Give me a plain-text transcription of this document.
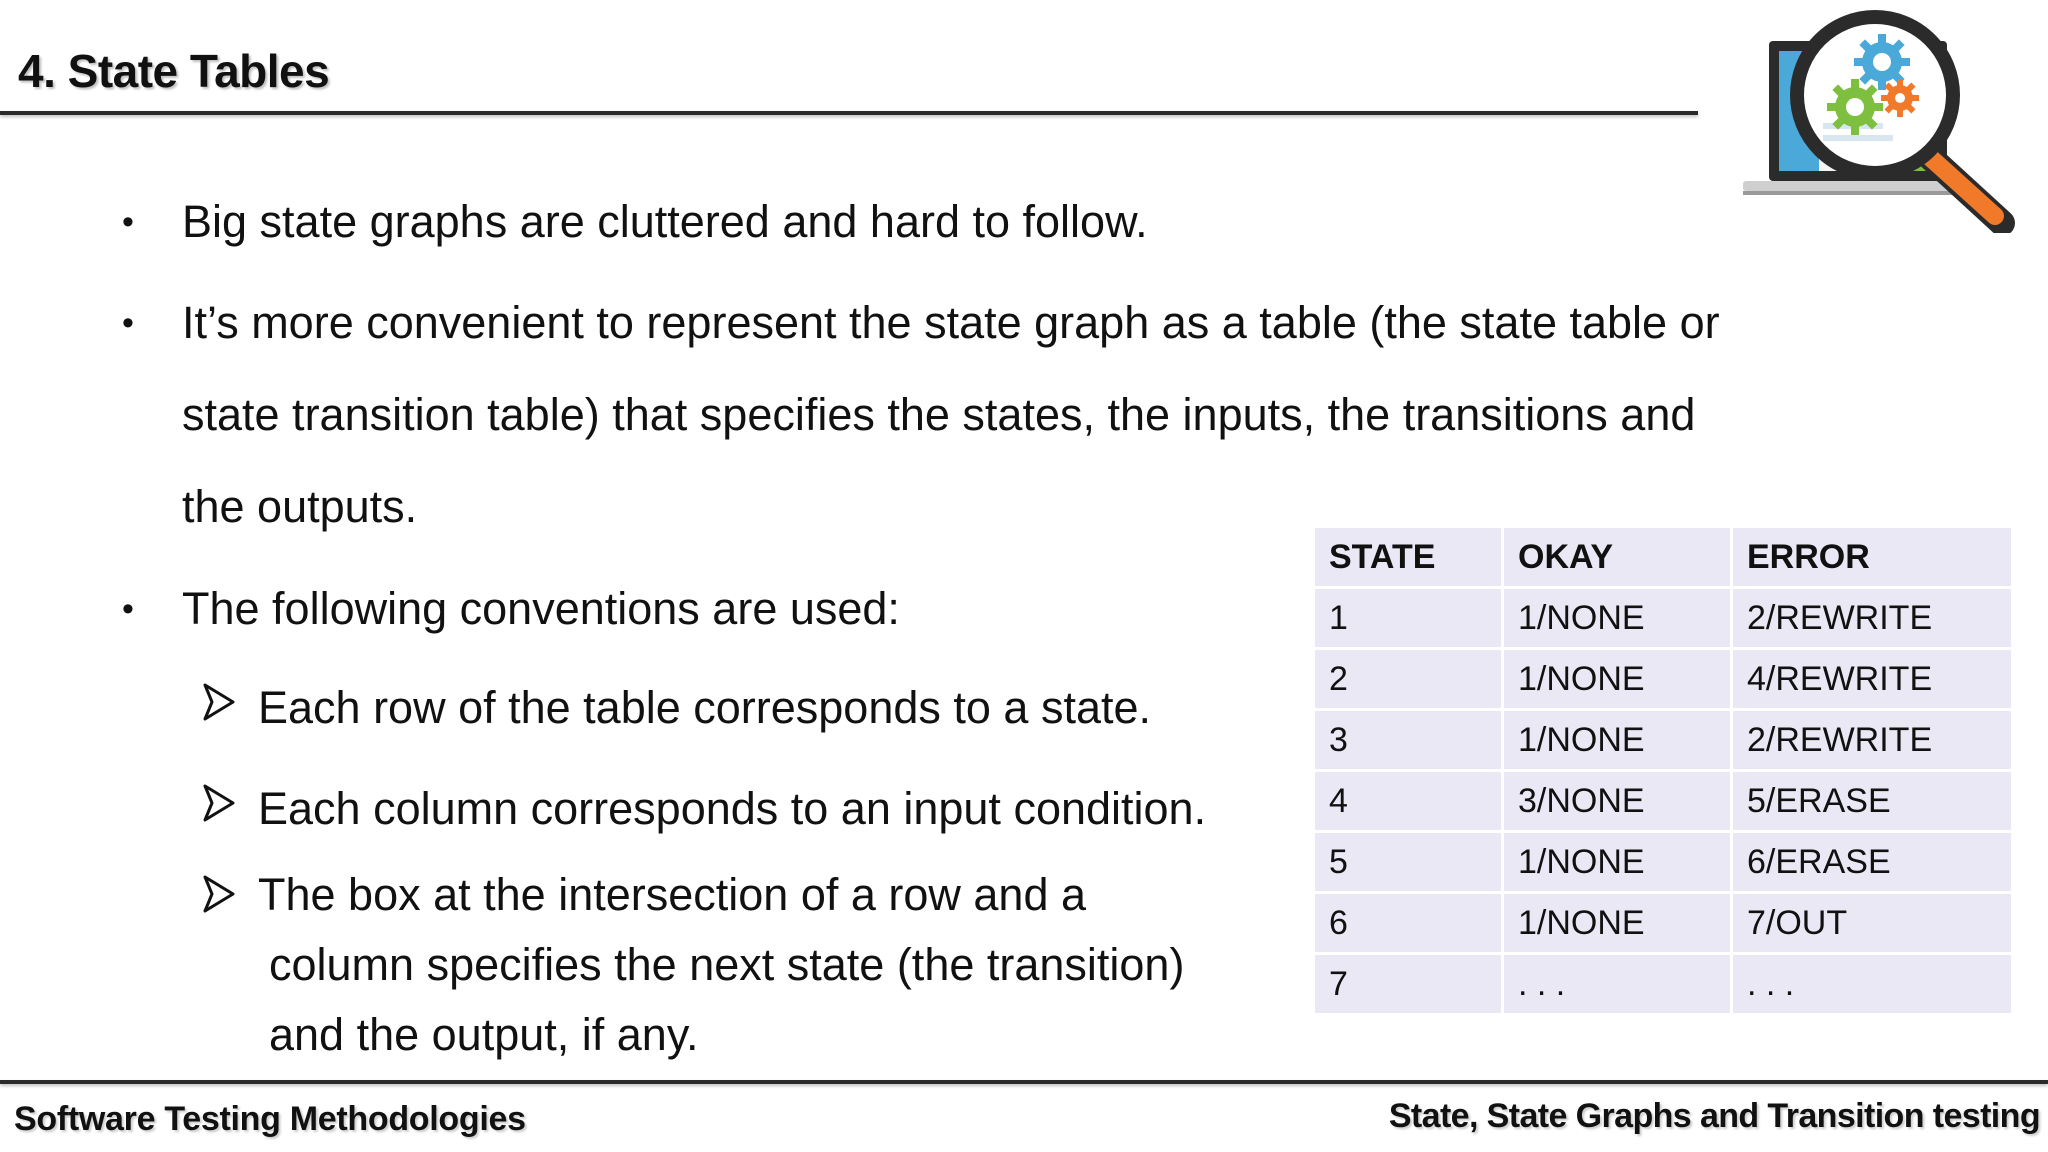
4. State Tables
• Big state graphs are cluttered and hard to follow.
• It’s more convenient to represent the state graph as a table (the state table or
state transition table) that specifies the states, the inputs, the transitions and
the outputs.
• The following conventions are used:
Each row of the table corresponds to a state.
Each column corresponds to an input condition.
The box at the intersection of a row and a
column specifies the next state (the transition)
and the output, if any.
STATE	OKAY	ERROR
1	1/NONE	2/REWRITE
2	1/NONE	4/REWRITE
3	1/NONE	2/REWRITE
4	3/NONE	5/ERASE
5	1/NONE	6/ERASE
6	1/NONE	7/OUT
7	. . .	. . .
Software Testing Methodologies	State, State Graphs and Transition testing
